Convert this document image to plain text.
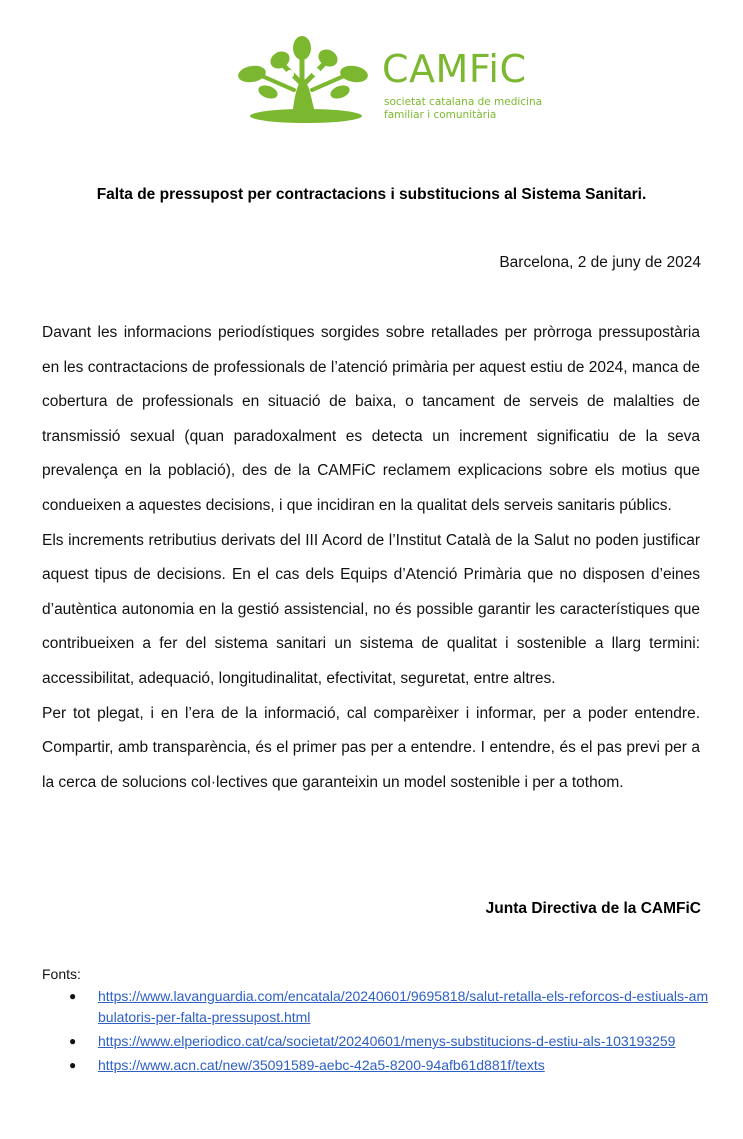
CAMFiC
societat catalana de medicina
familiar i comunitària
Falta de pressupost per contractacions i substitucions al Sistema Sanitari.
Barcelona, 2 de juny de 2024

Davant les informacions periodístiques sorgides sobre retallades per pròrroga pressupostària en les contractacions de professionals de l’atenció primària per aquest estiu de 2024, manca de cobertura de professionals en situació de baixa, o tancament de serveis de malalties de transmissió sexual (quan paradoxalment es detecta un increment significatiu de la seva prevalença en la població), des de la CAMFiC reclamem explicacions sobre els motius que condueixen a aquestes decisions, i que incidiran en la qualitat dels serveis sanitaris públics.

Els increments retributius derivats del III Acord de l’Institut Català de la Salut no poden justificar aquest tipus de decisions. En el cas dels Equips d’Atenció Primària que no disposen d’eines d’autèntica autonomia en la gestió assistencial, no és possible garantir les característiques que contribueixen a fer del sistema sanitari un sistema de qualitat i sostenible a llarg termini: accessibilitat, adequació, longitudinalitat, efectivitat, seguretat, entre altres.

Per tot plegat, i en l’era de la informació, cal comparèixer i informar, per a poder entendre. Compartir, amb transparència, és el primer pas per a entendre. I entendre, és el pas previ per a la cerca de solucions col·lectives que garanteixin un model sostenible i per a tothom.

Junta Directiva de la CAMFiC
Fonts:
● https://www.lavanguardia.com/encatala/20240601/9695818/salut-retalla-els-reforcos-d-estiuals-ambulatoris-per-falta-pressupost.html
● https://www.elperiodico.cat/ca/societat/20240601/menys-substitucions-d-estiu-als-103193259
● https://www.acn.cat/new/35091589-aebc-42a5-8200-94afb61d881f/texts
